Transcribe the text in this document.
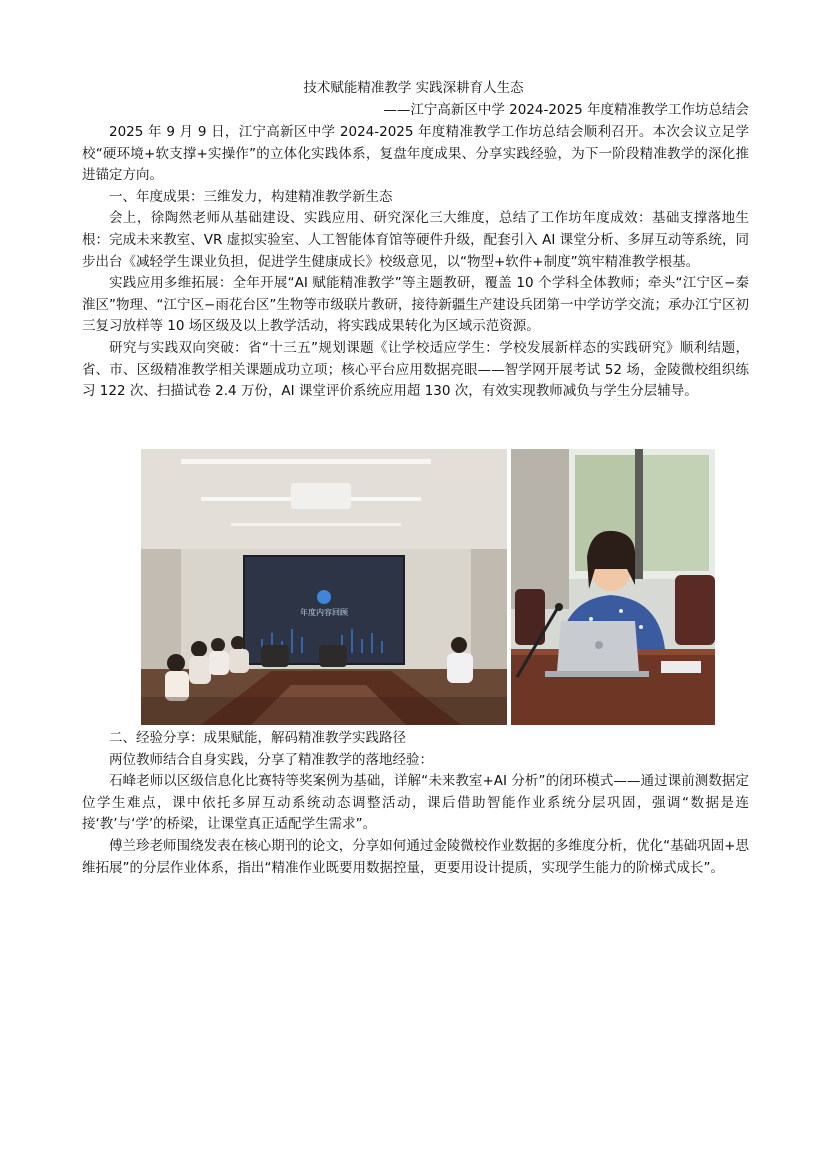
技术赋能精准教学 实践深耕育人生态
——江宁高新区中学 2024-2025 年度精准教学工作坊总结会

2025 年 9 月 9 日，江宁高新区中学 2024-2025 年度精准教学工作坊总结会顺利召开。本次会议立足学校“硬环境+软支撑+实操作”的立体化实践体系，复盘年度成果、分享实践经验，为下一阶段精准教学的深化推进锚定方向。

一、年度成果：三维发力，构建精准教学新生态

会上，徐陶然老师从基础建设、实践应用、研究深化三大维度，总结了工作坊年度成效：基础支撑落地生根：完成未来教室、VR 虚拟实验室、人工智能体育馆等硬件升级，配套引入 AI 课堂分析、多屏互动等系统，同步出台《减轻学生课业负担，促进学生健康成长》校级意见，以“物型+软件+制度”筑牢精准教学根基。

实践应用多维拓展：全年开展“AI 赋能精准教学”等主题教研，覆盖 10 个学科全体教师；牵头“江宁区−秦淮区”物理、“江宁区−雨花台区”生物等市级联片教研，接待新疆生产建设兵团第一中学访学交流；承办江宁区初三复习放样等 10 场区级及以上教学活动，将实践成果转化为区域示范资源。

研究与实践双向突破：省“十三五”规划课题《让学校适应学生：学校发展新样态的实践研究》顺利结题，省、市、区级精准教学相关课题成功立项；核心平台应用数据亮眼——智学网开展考试 52 场，金陵微校组织练习 122 次、扫描试卷 2.4 万份，AI 课堂评价系统应用超 130 次，有效实现教师减负与学生分层辅导。

年度内容回顾

二、经验分享：成果赋能，解码精准教学实践路径

两位教师结合自身实践，分享了精准教学的落地经验：

石峰老师以区级信息化比赛特等奖案例为基础，详解“未来教室+AI 分析”的闭环模式——通过课前测数据定位学生难点，课中依托多屏互动系统动态调整活动，课后借助智能作业系统分层巩固，强调“数据是连接‘教’与‘学’的桥梁，让课堂真正适配学生需求”。

傅兰珍老师围绕发表在核心期刊的论文，分享如何通过金陵微校作业数据的多维度分析，优化“基础巩固+思维拓展”的分层作业体系，指出“精准作业既要用数据控量，更要用设计提质，实现学生能力的阶梯式成长”。
